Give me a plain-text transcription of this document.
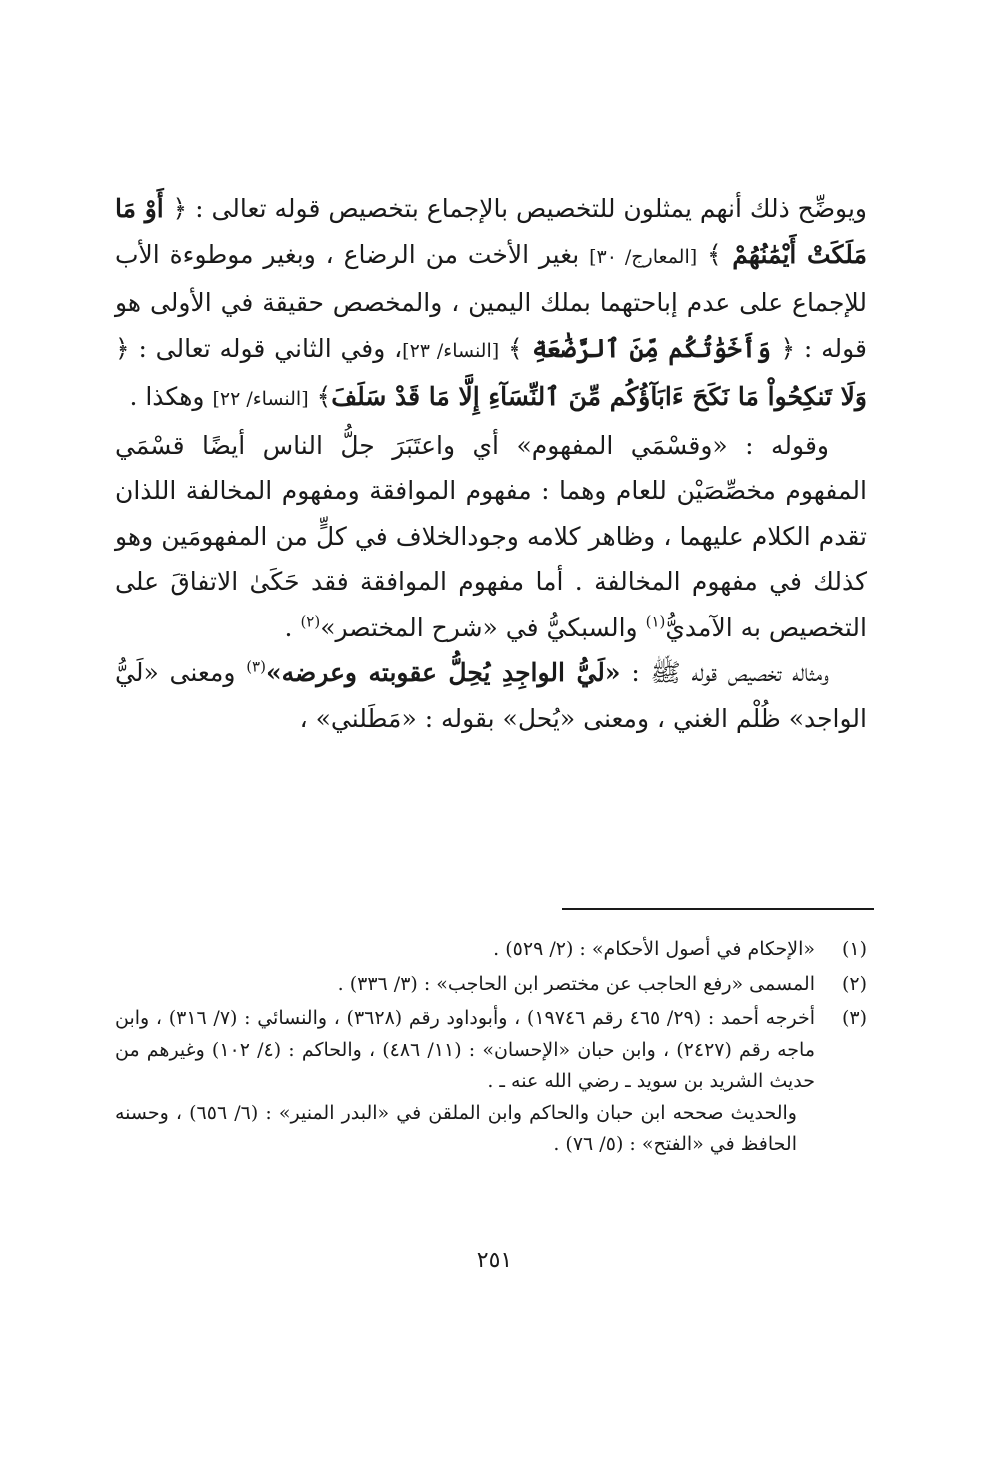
ويوضِّح ذلك أنهم يمثلون للتخصيص بالإجماع بتخصيص قوله تعالى : ﴿ أَوْ مَا مَلَكَتْ أَيْمَٰنُهُمْ ﴾ [المعارج/ ٣٠] بغير الأخت من الرضاع ، وبغير موطوءة الأب للإجماع على عدم إباحتهما بملك اليمين ، والمخصص حقيقة في الأولى هو قوله : ﴿ وَأَخَوَٰتُكُم مِّنَ ٱلرَّضَٰعَةِ ﴾ [النساء/ ٢٣]، وفي الثاني قوله تعالى : ﴿ وَلَا تَنكِحُواْ مَا نَكَحَ ءَابَآؤُكُم مِّنَ ٱلنِّسَآءِ إِلَّا مَا قَدْ سَلَفَ﴾ [النساء/ ٢٢] وهكذا .

وقوله : «وقسْمَي المفهوم» أي واعتَبَرَ جلُّ الناس أيضًا قسْمَي المفهوم مخصِّصَيْن للعام وهما : مفهوم الموافقة ومفهوم المخالفة اللذان تقدم الكلام عليهما ، وظاهر كلامه وجودالخلاف في كلٍّ من المفهومَين وهو كذلك في مفهوم المخالفة . أما مفهوم الموافقة فقد حَكَىٰ الاتفاقَ على التخصيص به الآمديُّ$^{(١)}$ والسبكيُّ في «شرح المختصر»$^{(٢)}$ .

ومثاله تخصيص قوله ﷺ : «لَيُّ الواجِدِ يُحِلُّ عقوبته وعرضه»$^{(٣)}$ ومعنى «لَيُّ الواجد» ظُلْم الغني ، ومعنى «يُحل» بقوله : «مَطَلني» ،

(١)
«الإحكام في أصول الأحكام» : (٢/ ٥٢٩) .
(٢)
المسمى «رفع الحاجب عن مختصر ابن الحاجب» : (٣/ ٣٣٦) .
(٣)
أخرجه أحمد : (٢٩/ ٤٦٥ رقم ١٩٧٤٦) ، وأبوداود رقم (٣٦٢٨) ، والنسائي : (٧/ ٣١٦) ، وابن ماجه رقم (٢٤٢٧) ، وابن حبان «الإحسان» : (١١/ ٤٨٦) ، والحاكم : (٤/ ١٠٢) وغيرهم من حديث الشريد بن سويد ـ رضي الله عنه ـ .
والحديث صححه ابن حبان والحاكم وابن الملقن في «البدر المنير» : (٦/ ٦٥٦) ، وحسنه الحافظ في «الفتح» : (٥/ ٧٦) .
٢٥١
